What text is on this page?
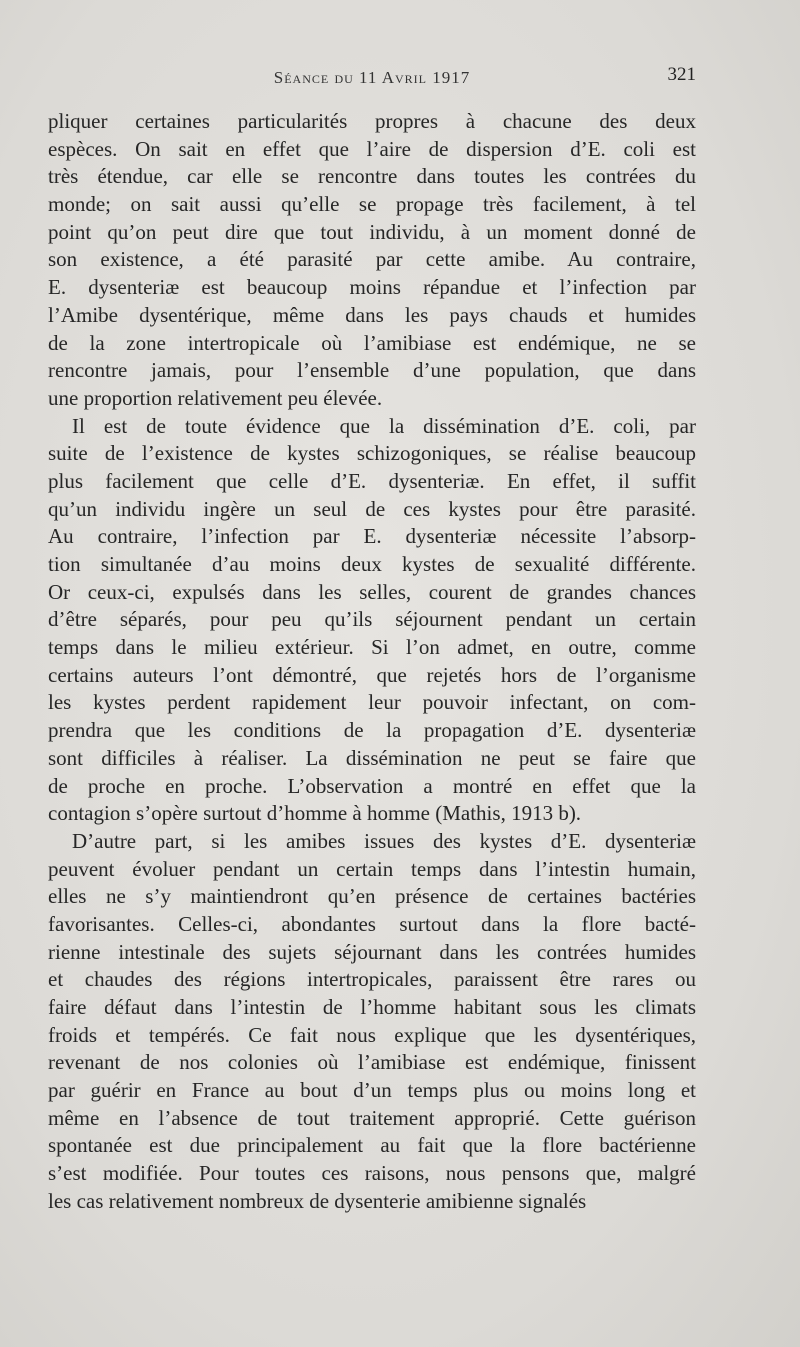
Séance du 11 Avril 1917	321
pliquer certaines particularités propres à chacune des deux
espèces. On sait en effet que l’aire de dispersion d’E. coli est
très étendue, car elle se rencontre dans toutes les contrées du
monde; on sait aussi qu’elle se propage très facilement, à tel
point qu’on peut dire que tout individu, à un moment donné de
son existence, a été parasité par cette amibe. Au contraire,
E. dysenteriæ est beaucoup moins répandue et l’infection par
l’Amibe dysentérique, même dans les pays chauds et humides
de la zone intertropicale où l’amibiase est endémique, ne se
rencontre jamais, pour l’ensemble d’une population, que dans
une proportion relativement peu élevée.
Il est de toute évidence que la dissémination d’E. coli, par
suite de l’existence de kystes schizogoniques, se réalise beaucoup
plus facilement que celle d’E. dysenteriæ. En effet, il suffit
qu’un individu ingère un seul de ces kystes pour être parasité.
Au contraire, l’infection par E. dysenteriæ nécessite l’absorp-
tion simultanée d’au moins deux kystes de sexualité différente.
Or ceux-ci, expulsés dans les selles, courent de grandes chances
d’être séparés, pour peu qu’ils séjournent pendant un certain
temps dans le milieu extérieur. Si l’on admet, en outre, comme
certains auteurs l’ont démontré, que rejetés hors de l’organisme
les kystes perdent rapidement leur pouvoir infectant, on com-
prendra que les conditions de la propagation d’E. dysenteriæ
sont difficiles à réaliser. La dissémination ne peut se faire que
de proche en proche. L’observation a montré en effet que la
contagion s’opère surtout d’homme à homme (Mathis, 1913 b).
D’autre part, si les amibes issues des kystes d’E. dysenteriæ
peuvent évoluer pendant un certain temps dans l’intestin humain,
elles ne s’y maintiendront qu’en présence de certaines bactéries
favorisantes. Celles-ci, abondantes surtout dans la flore bacté-
rienne intestinale des sujets séjournant dans les contrées humides
et chaudes des régions intertropicales, paraissent être rares ou
faire défaut dans l’intestin de l’homme habitant sous les climats
froids et tempérés. Ce fait nous explique que les dysentériques,
revenant de nos colonies où l’amibiase est endémique, finissent
par guérir en France au bout d’un temps plus ou moins long et
même en l’absence de tout traitement approprié. Cette guérison
spontanée est due principalement au fait que la flore bactérienne
s’est modifiée. Pour toutes ces raisons, nous pensons que, malgré
les cas relativement nombreux de dysenterie amibienne signalés
